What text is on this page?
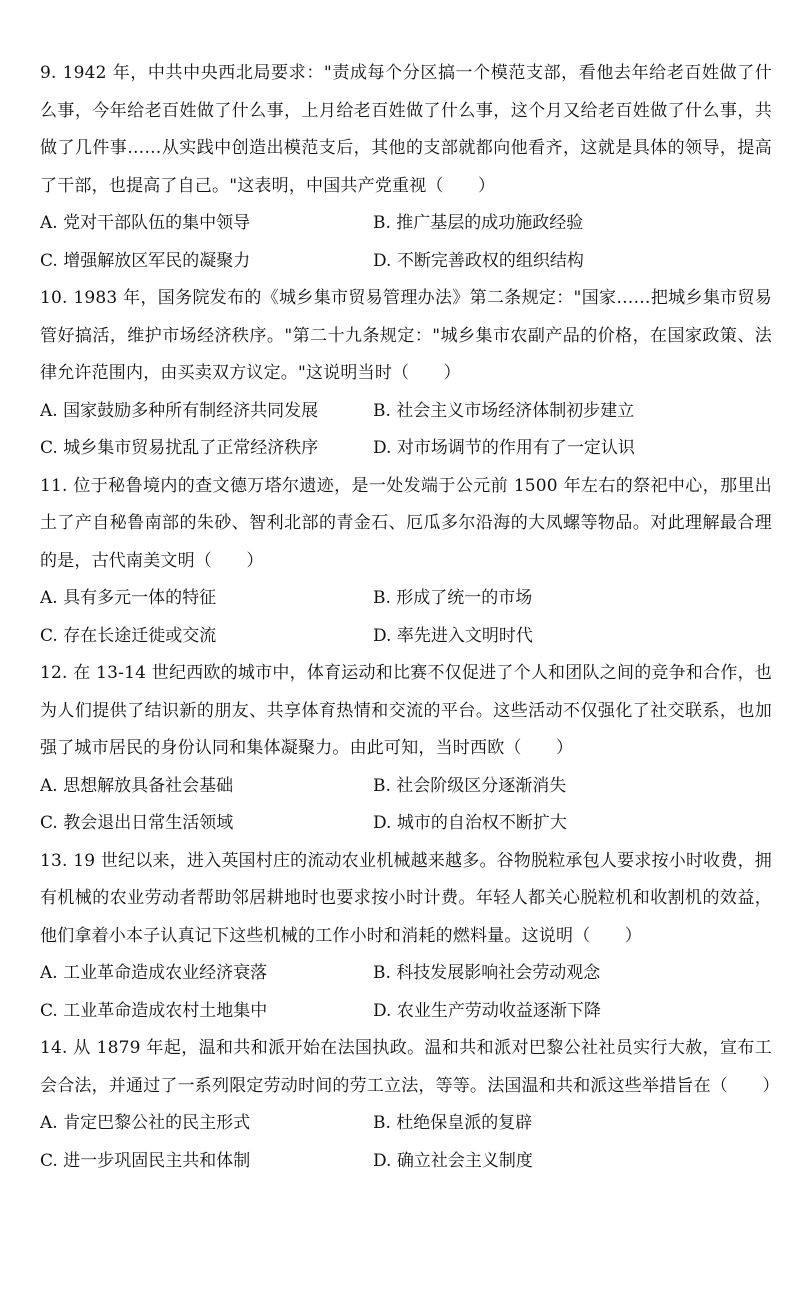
9. 1942 年，中共中央西北局要求："责成每个分区搞一个模范支部，看他去年给老百姓做了什么事，今年给老百姓做了什么事，上月给老百姓做了什么事，这个月又给老百姓做了什么事，共做了几件事……从实践中创造出模范支后，其他的支部就都向他看齐，这就是具体的领导，提高了干部，也提高了自己。"这表明，中国共产党重视（　　）

A. 党对干部队伍的集中领导	B. 推广基层的成功施政经验
C. 增强解放区军民的凝聚力	D. 不断完善政权的组织结构

10. 1983 年，国务院发布的《城乡集市贸易管理办法》第二条规定："国家……把城乡集市贸易管好搞活，维护市场经济秩序。"第二十九条规定："城乡集市农副产品的价格，在国家政策、法律允许范围内，由买卖双方议定。"这说明当时（　　）

A. 国家鼓励多种所有制经济共同发展	B. 社会主义市场经济体制初步建立
C. 城乡集市贸易扰乱了正常经济秩序	D. 对市场调节的作用有了一定认识

11. 位于秘鲁境内的查文德万塔尔遗迹，是一处发端于公元前 1500 年左右的祭祀中心，那里出土了产自秘鲁南部的朱砂、智利北部的青金石、厄瓜多尔沿海的大凤螺等物品。对此理解最合理的是，古代南美文明（　　）

A. 具有多元一体的特征	B. 形成了统一的市场
C. 存在长途迁徙或交流	D. 率先进入文明时代

12. 在 13-14 世纪西欧的城市中，体育运动和比赛不仅促进了个人和团队之间的竞争和合作，也为人们提供了结识新的朋友、共享体育热情和交流的平台。这些活动不仅强化了社交联系，也加强了城市居民的身份认同和集体凝聚力。由此可知，当时西欧（　　）

A. 思想解放具备社会基础	B. 社会阶级区分逐渐消失
C. 教会退出日常生活领域	D. 城市的自治权不断扩大

13. 19 世纪以来，进入英国村庄的流动农业机械越来越多。谷物脱粒承包人要求按小时收费，拥有机械的农业劳动者帮助邻居耕地时也要求按小时计费。年轻人都关心脱粒机和收割机的效益，他们拿着小本子认真记下这些机械的工作小时和消耗的燃料量。这说明（　　）

A. 工业革命造成农业经济衰落	B. 科技发展影响社会劳动观念
C. 工业革命造成农村土地集中	D. 农业生产劳动收益逐渐下降

14. 从 1879 年起，温和共和派开始在法国执政。温和共和派对巴黎公社社员实行大赦，宣布工会合法，并通过了一系列限定劳动时间的劳工立法，等等。法国温和共和派这些举措旨在（　　）

A. 肯定巴黎公社的民主形式	B. 杜绝保皇派的复辟
C. 进一步巩固民主共和体制	D. 确立社会主义制度
